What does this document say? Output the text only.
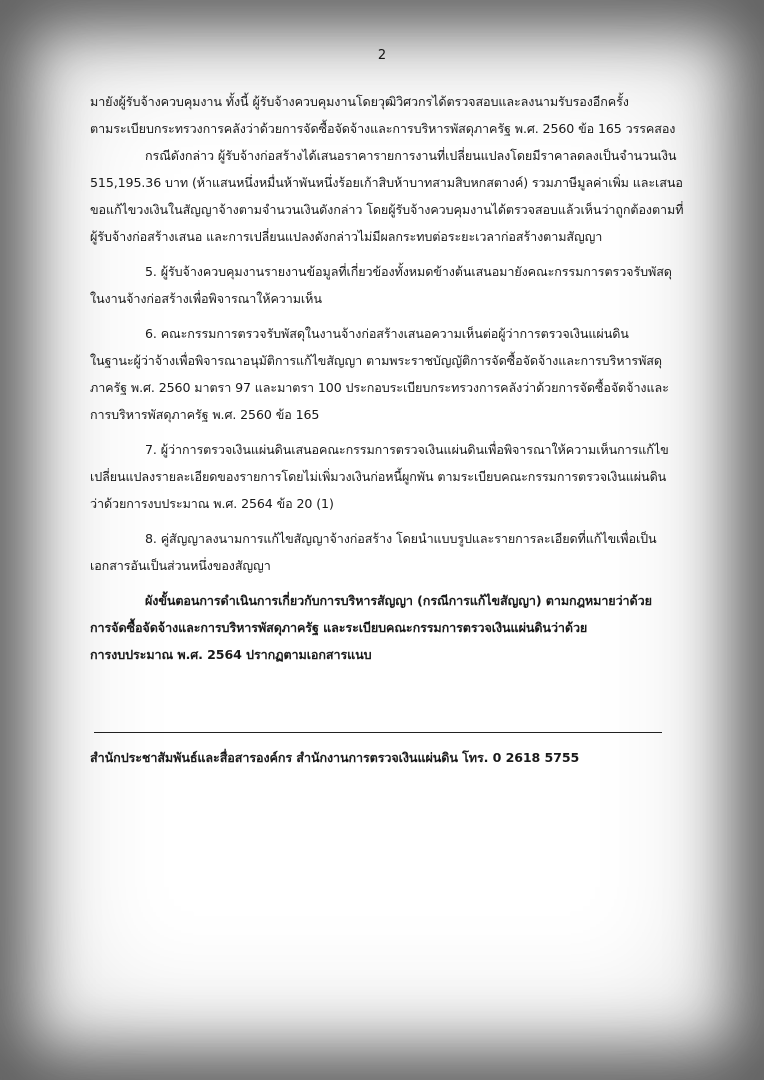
2
มายังผู้รับจ้างควบคุมงาน ทั้งนี้ ผู้รับจ้างควบคุมงานโดยวุฒิวิศวกรได้ตรวจสอบและลงนามรับรองอีกครั้ง
ตามระเบียบกระทรวงการคลังว่าด้วยการจัดซื้อจัดจ้างและการบริหารพัสดุภาครัฐ พ.ศ. 2560 ข้อ 165 วรรคสอง
กรณีดังกล่าว ผู้รับจ้างก่อสร้างได้เสนอราคารายการงานที่เปลี่ยนแปลงโดยมีราคาลดลงเป็นจำนวนเงิน
515,195.36 บาท (ห้าแสนหนึ่งหมื่นห้าพันหนึ่งร้อยเก้าสิบห้าบาทสามสิบหกสตางค์) รวมภาษีมูลค่าเพิ่ม และเสนอ
ขอแก้ไขวงเงินในสัญญาจ้างตามจำนวนเงินดังกล่าว โดยผู้รับจ้างควบคุมงานได้ตรวจสอบแล้วเห็นว่าถูกต้องตามที่
ผู้รับจ้างก่อสร้างเสนอ และการเปลี่ยนแปลงดังกล่าวไม่มีผลกระทบต่อระยะเวลาก่อสร้างตามสัญญา
5. ผู้รับจ้างควบคุมงานรายงานข้อมูลที่เกี่ยวข้องทั้งหมดข้างต้นเสนอมายังคณะกรรมการตรวจรับพัสดุ
ในงานจ้างก่อสร้างเพื่อพิจารณาให้ความเห็น
6. คณะกรรมการตรวจรับพัสดุในงานจ้างก่อสร้างเสนอความเห็นต่อผู้ว่าการตรวจเงินแผ่นดิน
ในฐานะผู้ว่าจ้างเพื่อพิจารณาอนุมัติการแก้ไขสัญญา ตามพระราชบัญญัติการจัดซื้อจัดจ้างและการบริหารพัสดุ
ภาครัฐ พ.ศ. 2560 มาตรา 97 และมาตรา 100 ประกอบระเบียบกระทรวงการคลังว่าด้วยการจัดซื้อจัดจ้างและ
การบริหารพัสดุภาครัฐ พ.ศ. 2560 ข้อ 165
7. ผู้ว่าการตรวจเงินแผ่นดินเสนอคณะกรรมการตรวจเงินแผ่นดินเพื่อพิจารณาให้ความเห็นการแก้ไข
เปลี่ยนแปลงรายละเอียดของรายการโดยไม่เพิ่มวงเงินก่อหนี้ผูกพัน ตามระเบียบคณะกรรมการตรวจเงินแผ่นดิน
ว่าด้วยการงบประมาณ พ.ศ. 2564 ข้อ 20 (1)
8. คู่สัญญาลงนามการแก้ไขสัญญาจ้างก่อสร้าง โดยนำแบบรูปและรายการละเอียดที่แก้ไขเพื่อเป็น
เอกสารอันเป็นส่วนหนึ่งของสัญญา
ผังขั้นตอนการดำเนินการเกี่ยวกับการบริหารสัญญา (กรณีการแก้ไขสัญญา) ตามกฎหมายว่าด้วย
การจัดซื้อจัดจ้างและการบริหารพัสดุภาครัฐ และระเบียบคณะกรรมการตรวจเงินแผ่นดินว่าด้วย
การงบประมาณ พ.ศ. 2564 ปรากฏตามเอกสารแนบ
สำนักประชาสัมพันธ์และสื่อสารองค์กร สำนักงานการตรวจเงินแผ่นดิน โทร. 0 2618 5755
